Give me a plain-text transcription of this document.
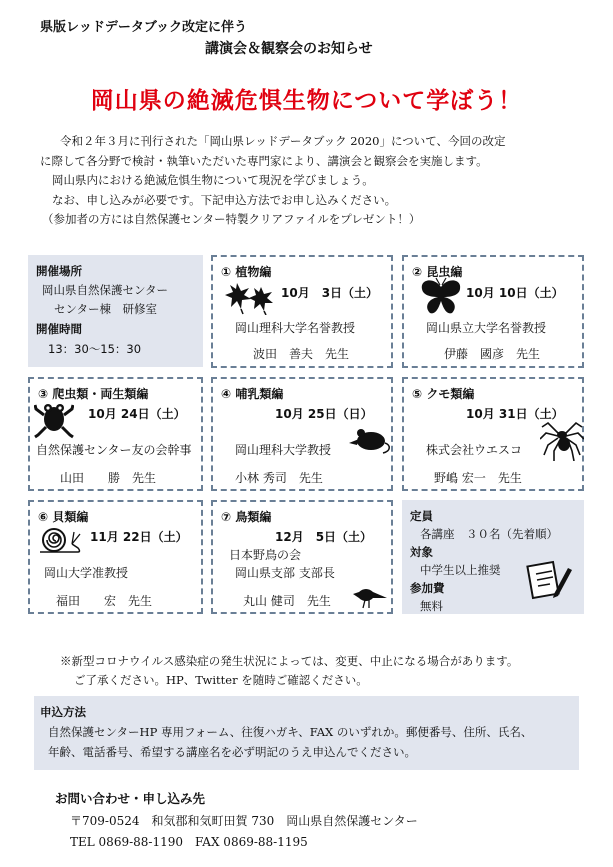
県版レッドデータブック改定に伴う
講演会＆観察会のお知らせ
岡山県の絶滅危惧生物について学ぼう！
令和２年３月に刊行された「岡山県レッドデータブック 2020」について、今回の改定
に際して各分野で検討・執筆いただいた専門家により、講演会と観察会を実施します。
岡山県内における絶滅危惧生物について現況を学びましょう。
なお、申し込みが必要です。下記申込方法でお申し込みください。
（参加者の方には自然保護センター特製クリアファイルをプレゼント！）
開催場所
岡山県自然保護センター
センター棟　研修室
開催時間
13：30〜15：30
① 植物編
10月　3日（土）
岡山理科大学名誉教授
波田　善夫　先生
② 昆虫編
10月 10日（土）
岡山県立大学名誉教授
伊藤　國彦　先生
③ 爬虫類・両生類編
10月 24日（土）
自然保護センター友の会幹事
山田　　勝　先生
④ 哺乳類編
10月 25日（日）
岡山理科大学教授
小林 秀司　先生
⑤ クモ類編
10月 31日（土）
株式会社ウエスコ
野嶋 宏一　先生
⑥ 貝類編
11月 22日（土）
岡山大学准教授
福田　　宏　先生
⑦ 鳥類編
12月　5日（土）
日本野鳥の会
岡山県支部 支部長
丸山 健司　先生
定員
各講座　３０名（先着順）
対象
中学生以上推奨
参加費
無料
※新型コロナウイルス感染症の発生状況によっては、変更、中止になる場合があります。
ご了承ください。HP、Twitter を随時ご確認ください。
申込方法
自然保護センターHP 専用フォーム、往復ハガキ、FAX のいずれか。郵便番号、住所、氏名、
年齢、電話番号、希望する講座名を必ず明記のうえ申込んでください。
お問い合わせ・申し込み先
〒709-0524　和気郡和気町田賀 730　岡山県自然保護センター
TEL 0869-88-1190　FAX 0869-88-1195
